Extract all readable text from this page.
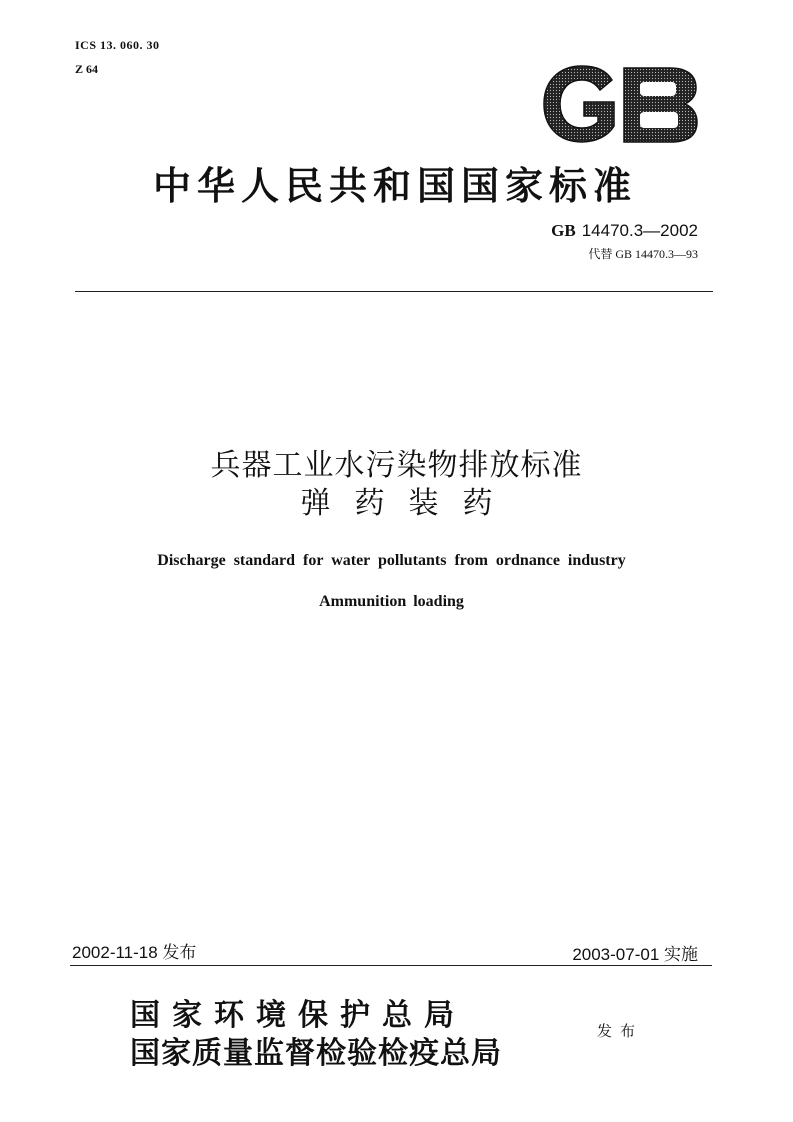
ICS 13. 060. 30
Z 64	GB
中华人民共和国国家标准
GB 14470.3—2002
代替 GB 14470.3—93
兵器工业水污染物排放标准
弹药装药
Discharge standard for water pollutants from ordnance industry
Ammunition loading
2002-11-18 发布	2003-07-01 实施
国家环境保护总局
国家质量监督检验检疫总局
发布
